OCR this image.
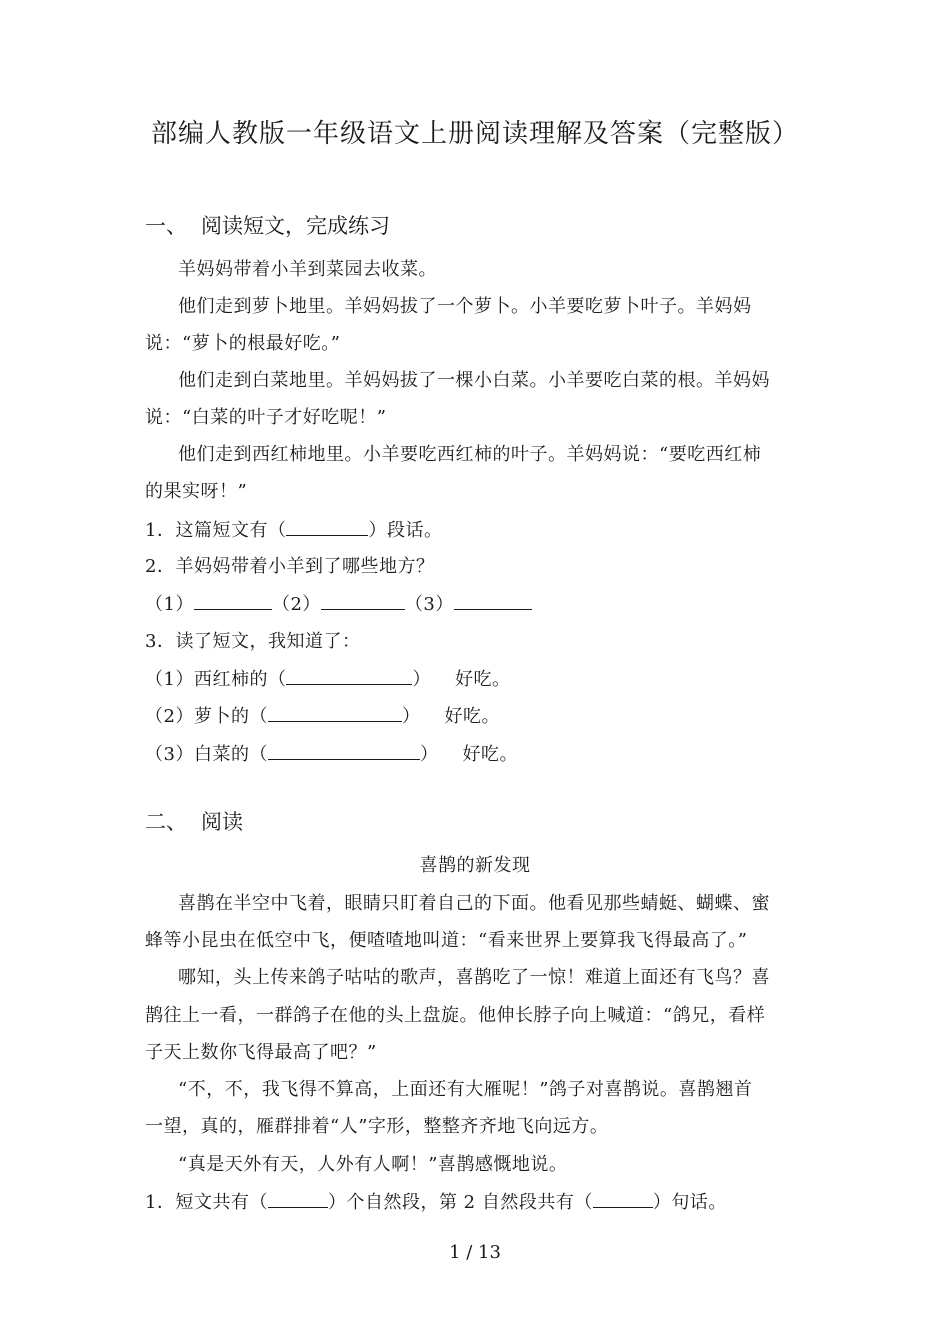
部编人教版一年级语文上册阅读理解及答案（完整版）
一、 阅读短文，完成练习
羊妈妈带着小羊到菜园去收菜。
他们走到萝卜地里。羊妈妈拔了一个萝卜。小羊要吃萝卜叶子。羊妈妈
说：“萝卜的根最好吃。”
他们走到白菜地里。羊妈妈拔了一棵小白菜。小羊要吃白菜的根。羊妈妈
说：“白菜的叶子才好吃呢！”
他们走到西红柿地里。小羊要吃西红柿的叶子。羊妈妈说：“要吃西红柿
的果实呀！”
1．这篇短文有（	）段话。
2．羊妈妈带着小羊到了哪些地方？
（1）	（2）	（3）
3．读了短文，我知道了：
（1）西红柿的（	） 好吃。
（2）萝卜的（	） 好吃。
（3）白菜的（	） 好吃。
二、 阅读
喜鹊的新发现
喜鹊在半空中飞着，眼睛只盯着自己的下面。他看见那些蜻蜓、蝴蝶、蜜
蜂等小昆虫在低空中飞，便喳喳地叫道：“看来世界上要算我飞得最高了。”
哪知，头上传来鸽子咕咕的歌声，喜鹊吃了一惊！难道上面还有飞鸟？喜
鹊往上一看，一群鸽子在他的头上盘旋。他伸长脖子向上喊道：“鸽兄，看样
子天上数你飞得最高了吧？”
“不，不，我飞得不算高，上面还有大雁呢！”鸽子对喜鹊说。喜鹊翘首
一望，真的，雁群排着“人”字形，整整齐齐地飞向远方。
“真是天外有天，人外有人啊！”喜鹊感慨地说。
1．短文共有（	）个自然段，第 2 自然段共有（	）句话。
1 / 13
